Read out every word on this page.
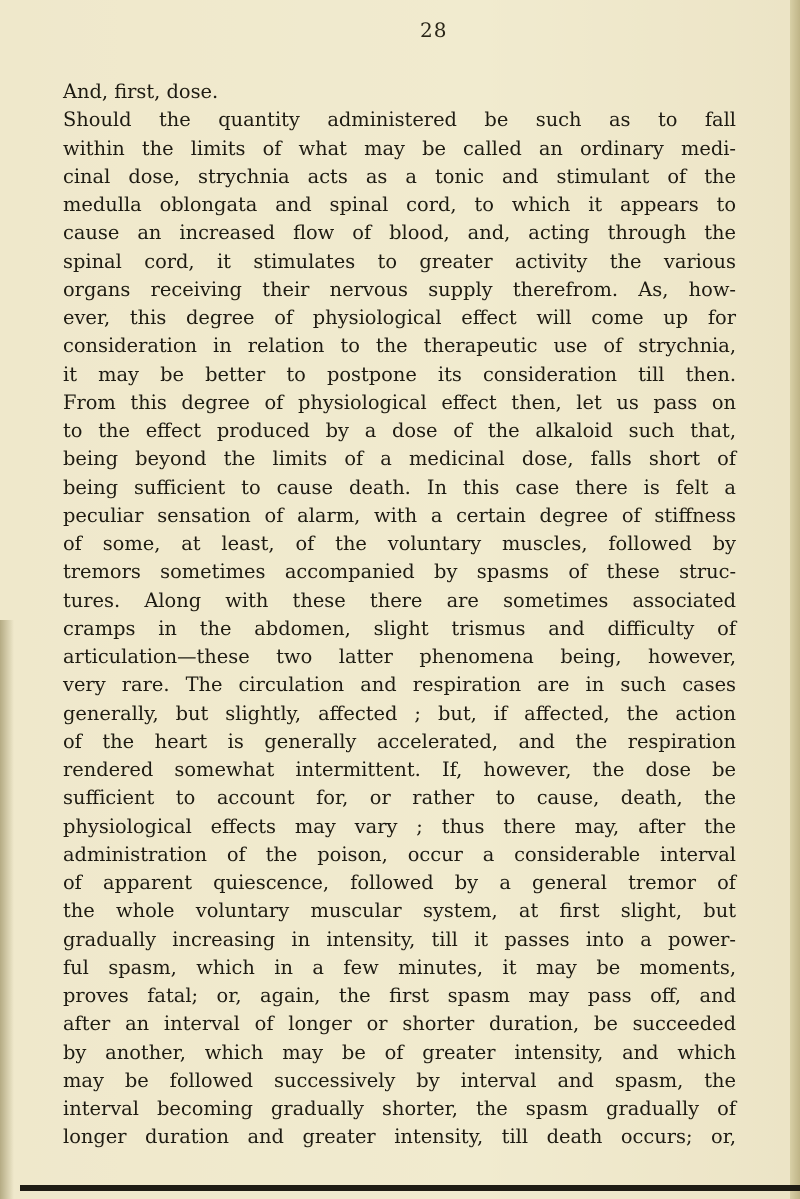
28
And, first, dose.
Should the quantity administered be such as to fall
within the limits of what may be called an ordinary medi-
cinal dose, strychnia acts as a tonic and stimulant of the
medulla oblongata and spinal cord, to which it appears to
cause an increased flow of blood, and, acting through the
spinal cord, it stimulates to greater activity the various
organs receiving their nervous supply therefrom. As, how-
ever, this degree of physiological effect will come up for
consideration in relation to the therapeutic use of strychnia,
it may be better to postpone its consideration till then.
From this degree of physiological effect then, let us pass on
to the effect produced by a dose of the alkaloid such that,
being beyond the limits of a medicinal dose, falls short of
being sufficient to cause death. In this case there is felt a
peculiar sensation of alarm, with a certain degree of stiffness
of some, at least, of the voluntary muscles, followed by
tremors sometimes accompanied by spasms of these struc-
tures. Along with these there are sometimes associated
cramps in the abdomen, slight trismus and difficulty of
articulation—these two latter phenomena being, however,
very rare. The circulation and respiration are in such cases
generally, but slightly, affected ; but, if affected, the action
of the heart is generally accelerated, and the respiration
rendered somewhat intermittent. If, however, the dose be
sufficient to account for, or rather to cause, death, the
physiological effects may vary ; thus there may, after the
administration of the poison, occur a considerable interval
of apparent quiescence, followed by a general tremor of
the whole voluntary muscular system, at first slight, but
gradually increasing in intensity, till it passes into a power-
ful spasm, which in a few minutes, it may be moments,
proves fatal; or, again, the first spasm may pass off, and
after an interval of longer or shorter duration, be succeeded
by another, which may be of greater intensity, and which
may be followed successively by interval and spasm, the
interval becoming gradually shorter, the spasm gradually of
longer duration and greater intensity, till death occurs; or,
